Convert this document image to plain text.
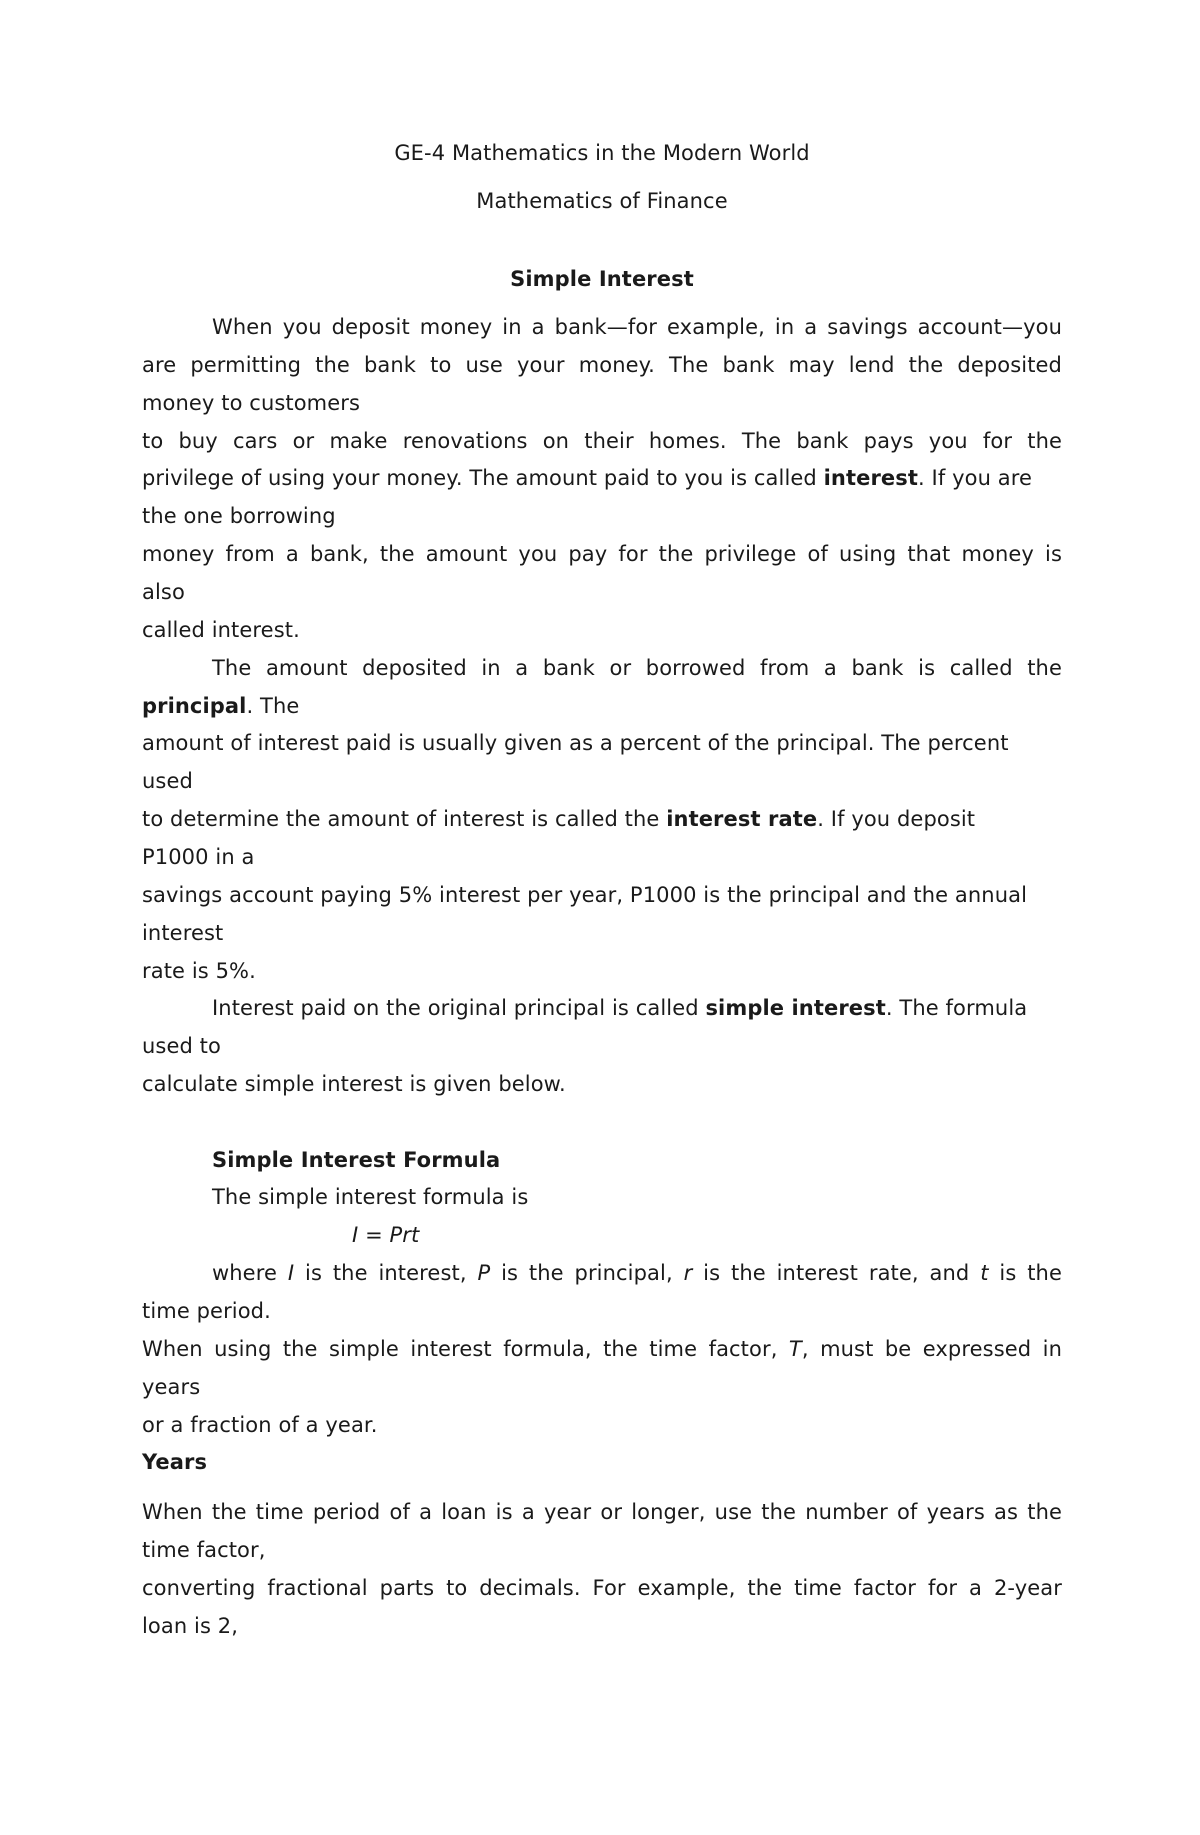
GE-4 Mathematics in the Modern World
Mathematics of Finance
Simple Interest
When you deposit money in a bank—for example, in a savings account—you
are permitting the bank to use your money. The bank may lend the deposited
money to customers
to buy cars or make renovations on their homes. The bank pays you for the
privilege of using your money. The amount paid to you is called interest. If you are
the one borrowing
money from a bank, the amount you pay for the privilege of using that money is
also
called interest.
The amount deposited in a bank or borrowed from a bank is called the
principal. The
amount of interest paid is usually given as a percent of the principal. The percent
used
to determine the amount of interest is called the interest rate. If you deposit
P1000 in a
savings account paying 5% interest per year, P1000 is the principal and the annual
interest
rate is 5%.
Interest paid on the original principal is called simple interest. The formula
used to
calculate simple interest is given below.
Simple Interest Formula
The simple interest formula is
I = Prt
where I is the interest, P is the principal, r is the interest rate, and t is the
time period.
When using the simple interest formula, the time factor, T, must be expressed in
years
or a fraction of a year.
Years
When the time period of a loan is a year or longer, use the number of years as the
time factor,
converting fractional parts to decimals. For example, the time factor for a 2-year
loan is 2,
